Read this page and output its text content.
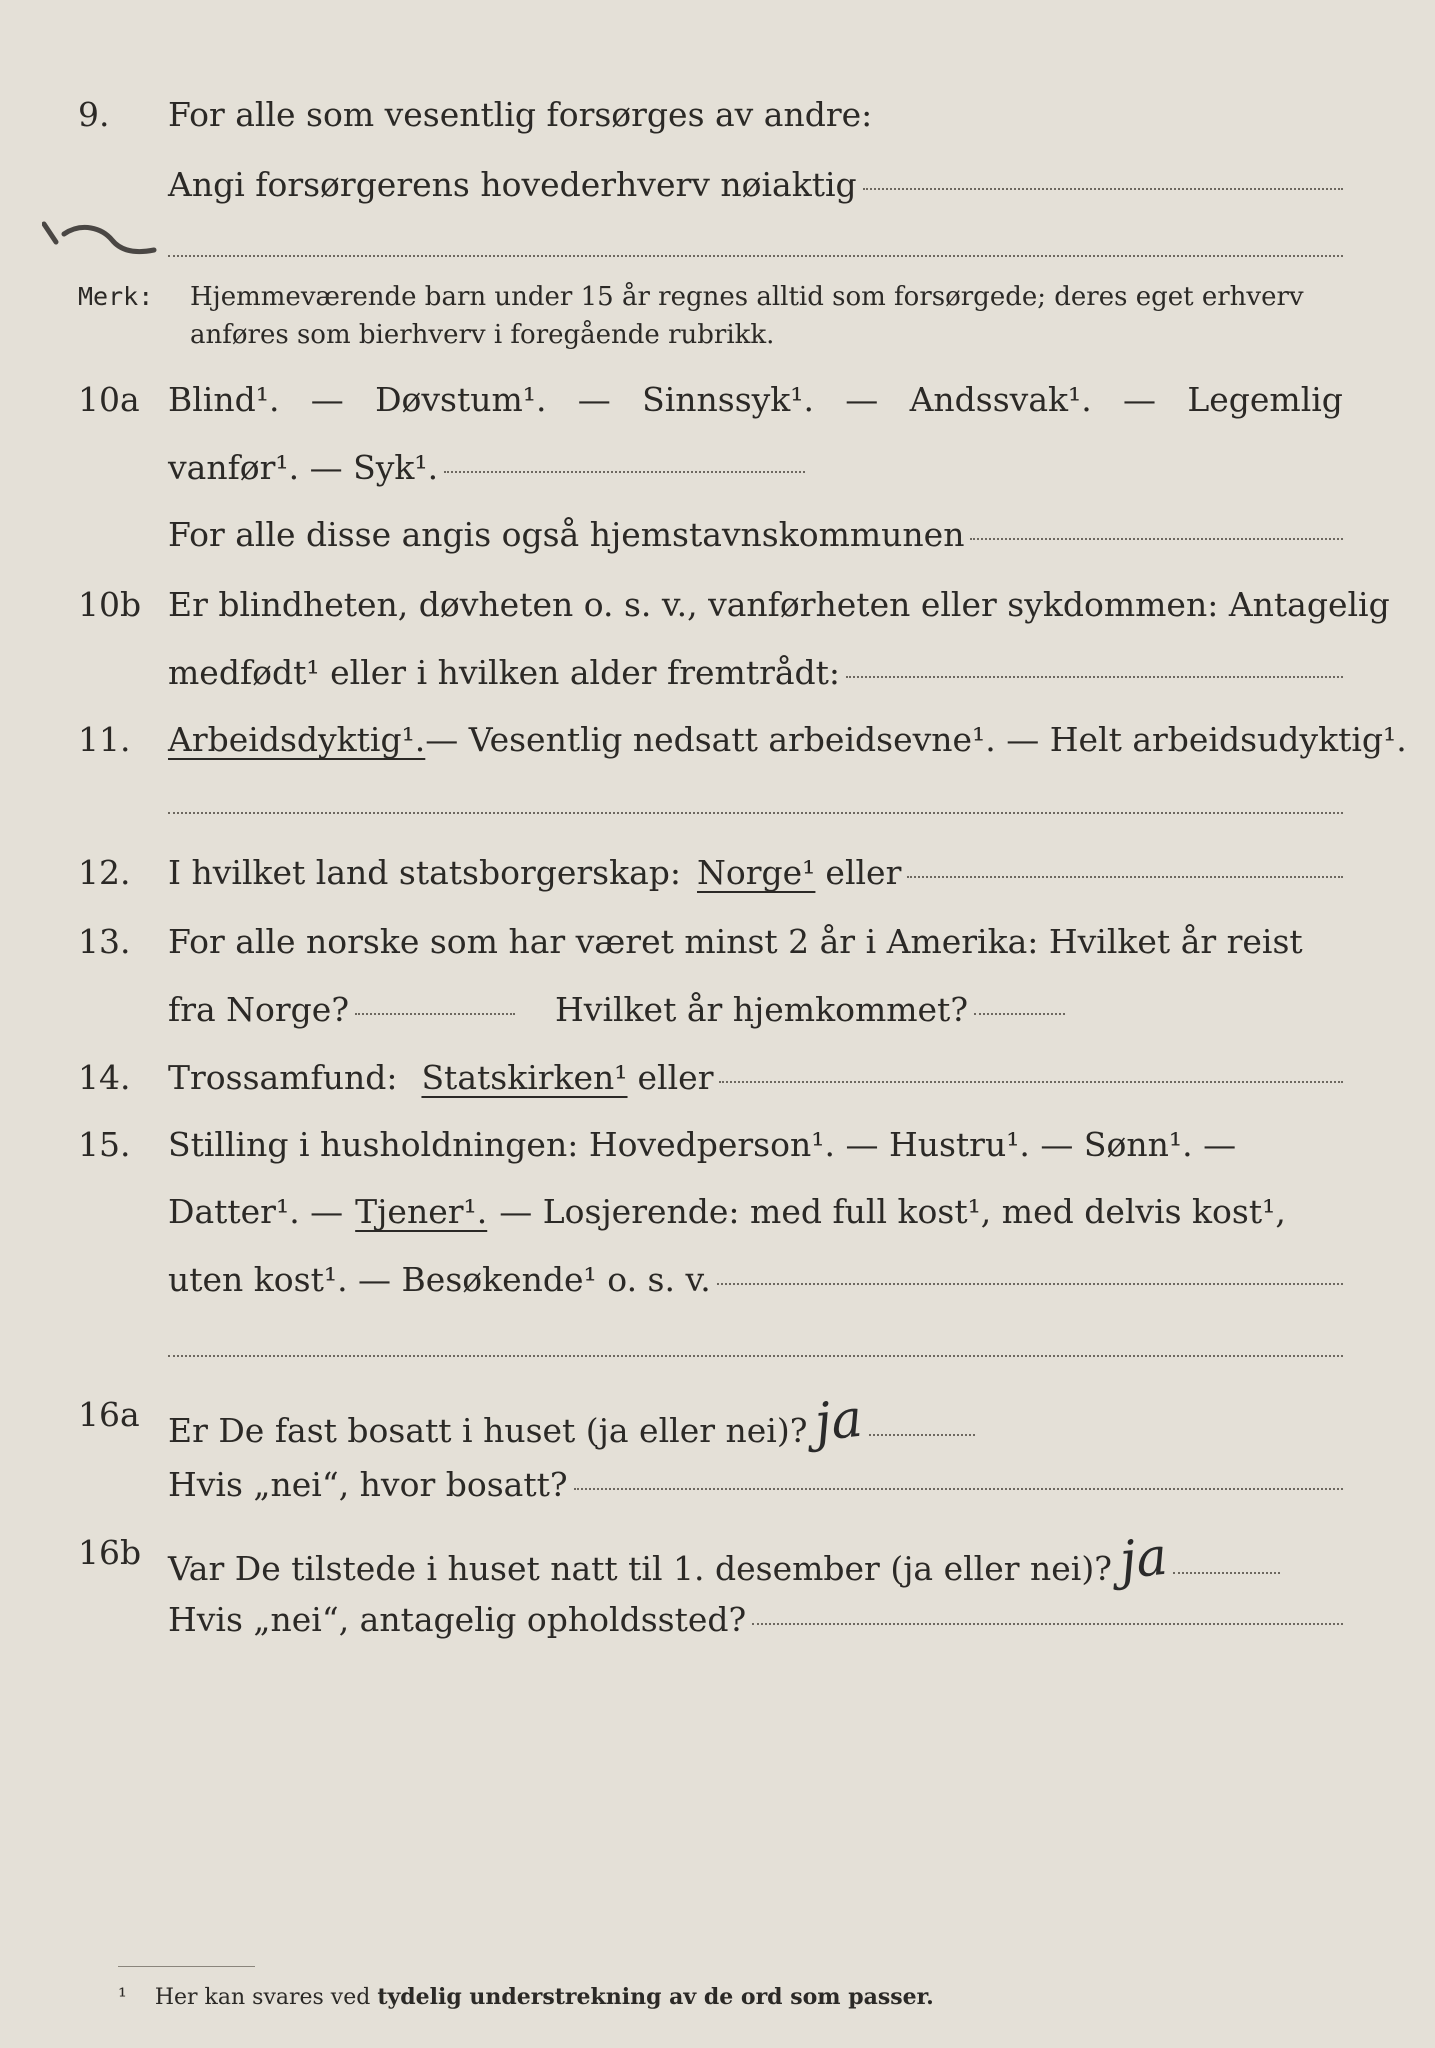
9. For alle som vesentlig forsørges av andre:
Angi forsørgerens hovederhverv nøiaktig
Merk: Hjemmeværende barn under 15 år regnes alltid som forsørgede; deres eget erhverv anføres som bierhverv i foregående rubrikk.
10a Blind¹. — Døvstum¹. — Sinnssyk¹. — Andssvak¹. — Legemlig
vanfør¹. — Syk¹.
For alle disse angis også hjemstavnskommunen
10b Er blindheten, døvheten o. s. v., vanførheten eller sykdommen: Antagelig
medfødt¹ eller i hvilken alder fremtrådt:
11. Arbeidsdyktig¹. — Vesentlig nedsatt arbeidsevne¹. — Helt arbeidsudyktig¹.
12. I hvilket land statsborgerskap: Norge¹ eller
13. For alle norske som har været minst 2 år i Amerika: Hvilket år reist
fra Norge?	Hvilket år hjemkommet?
14. Trossamfund: Statskirken¹ eller
15. Stilling i husholdningen: Hovedperson¹. — Hustru¹. — Sønn¹. —
Datter¹. — Tjener¹. — Losjerende: med full kost¹, med delvis kost¹,
uten kost¹. — Besøkende¹ o. s. v.
16a Er De fast bosatt i huset (ja eller nei)? ja
Hvis „nei“, hvor bosatt?
16b Var De tilstede i huset natt til 1. desember (ja eller nei)? ja
Hvis „nei“, antagelig opholdssted?
¹ Her kan svares ved tydelig understrekning av de ord som passer.
